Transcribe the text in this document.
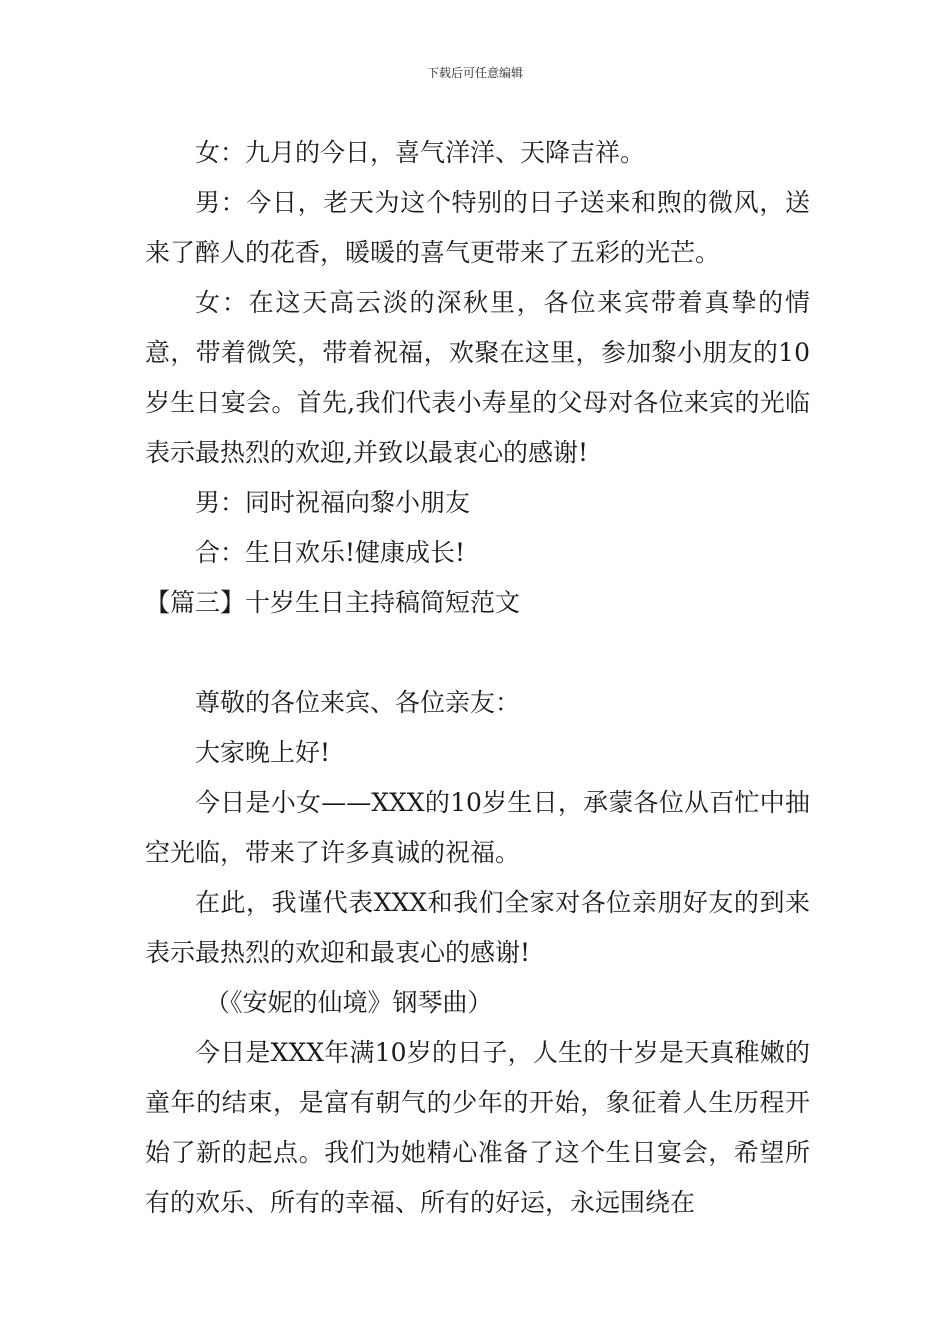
下载后可任意编辑

女：九月的今日，喜气洋洋、天降吉祥。

男：今日，老天为这个特别的日子送来和煦的微风，送来了醉人的花香，暖暖的喜气更带来了五彩的光芒。

女：在这天高云淡的深秋里，各位来宾带着真挚的情意，带着微笑，带着祝福，欢聚在这里，参加黎小朋友的10岁生日宴会。首先,我们代表小寿星的父母对各位来宾的光临表示最热烈的欢迎,并致以最衷心的感谢!

男：同时祝福向黎小朋友

合：生日欢乐!健康成长!

【篇三】十岁生日主持稿简短范文

尊敬的各位来宾、各位亲友：

大家晚上好!

今日是小女——XXX的10岁生日，承蒙各位从百忙中抽空光临，带来了许多真诚的祝福。

在此，我谨代表XXX和我们全家对各位亲朋好友的到来表示最热烈的欢迎和最衷心的感谢!

（《安妮的仙境》钢琴曲）

今日是XXX年满10岁的日子，人生的十岁是天真稚嫩的童年的结束，是富有朝气的少年的开始，象征着人生历程开始了新的起点。我们为她精心准备了这个生日宴会，希望所有的欢乐、所有的幸福、所有的好运，永远围绕在
